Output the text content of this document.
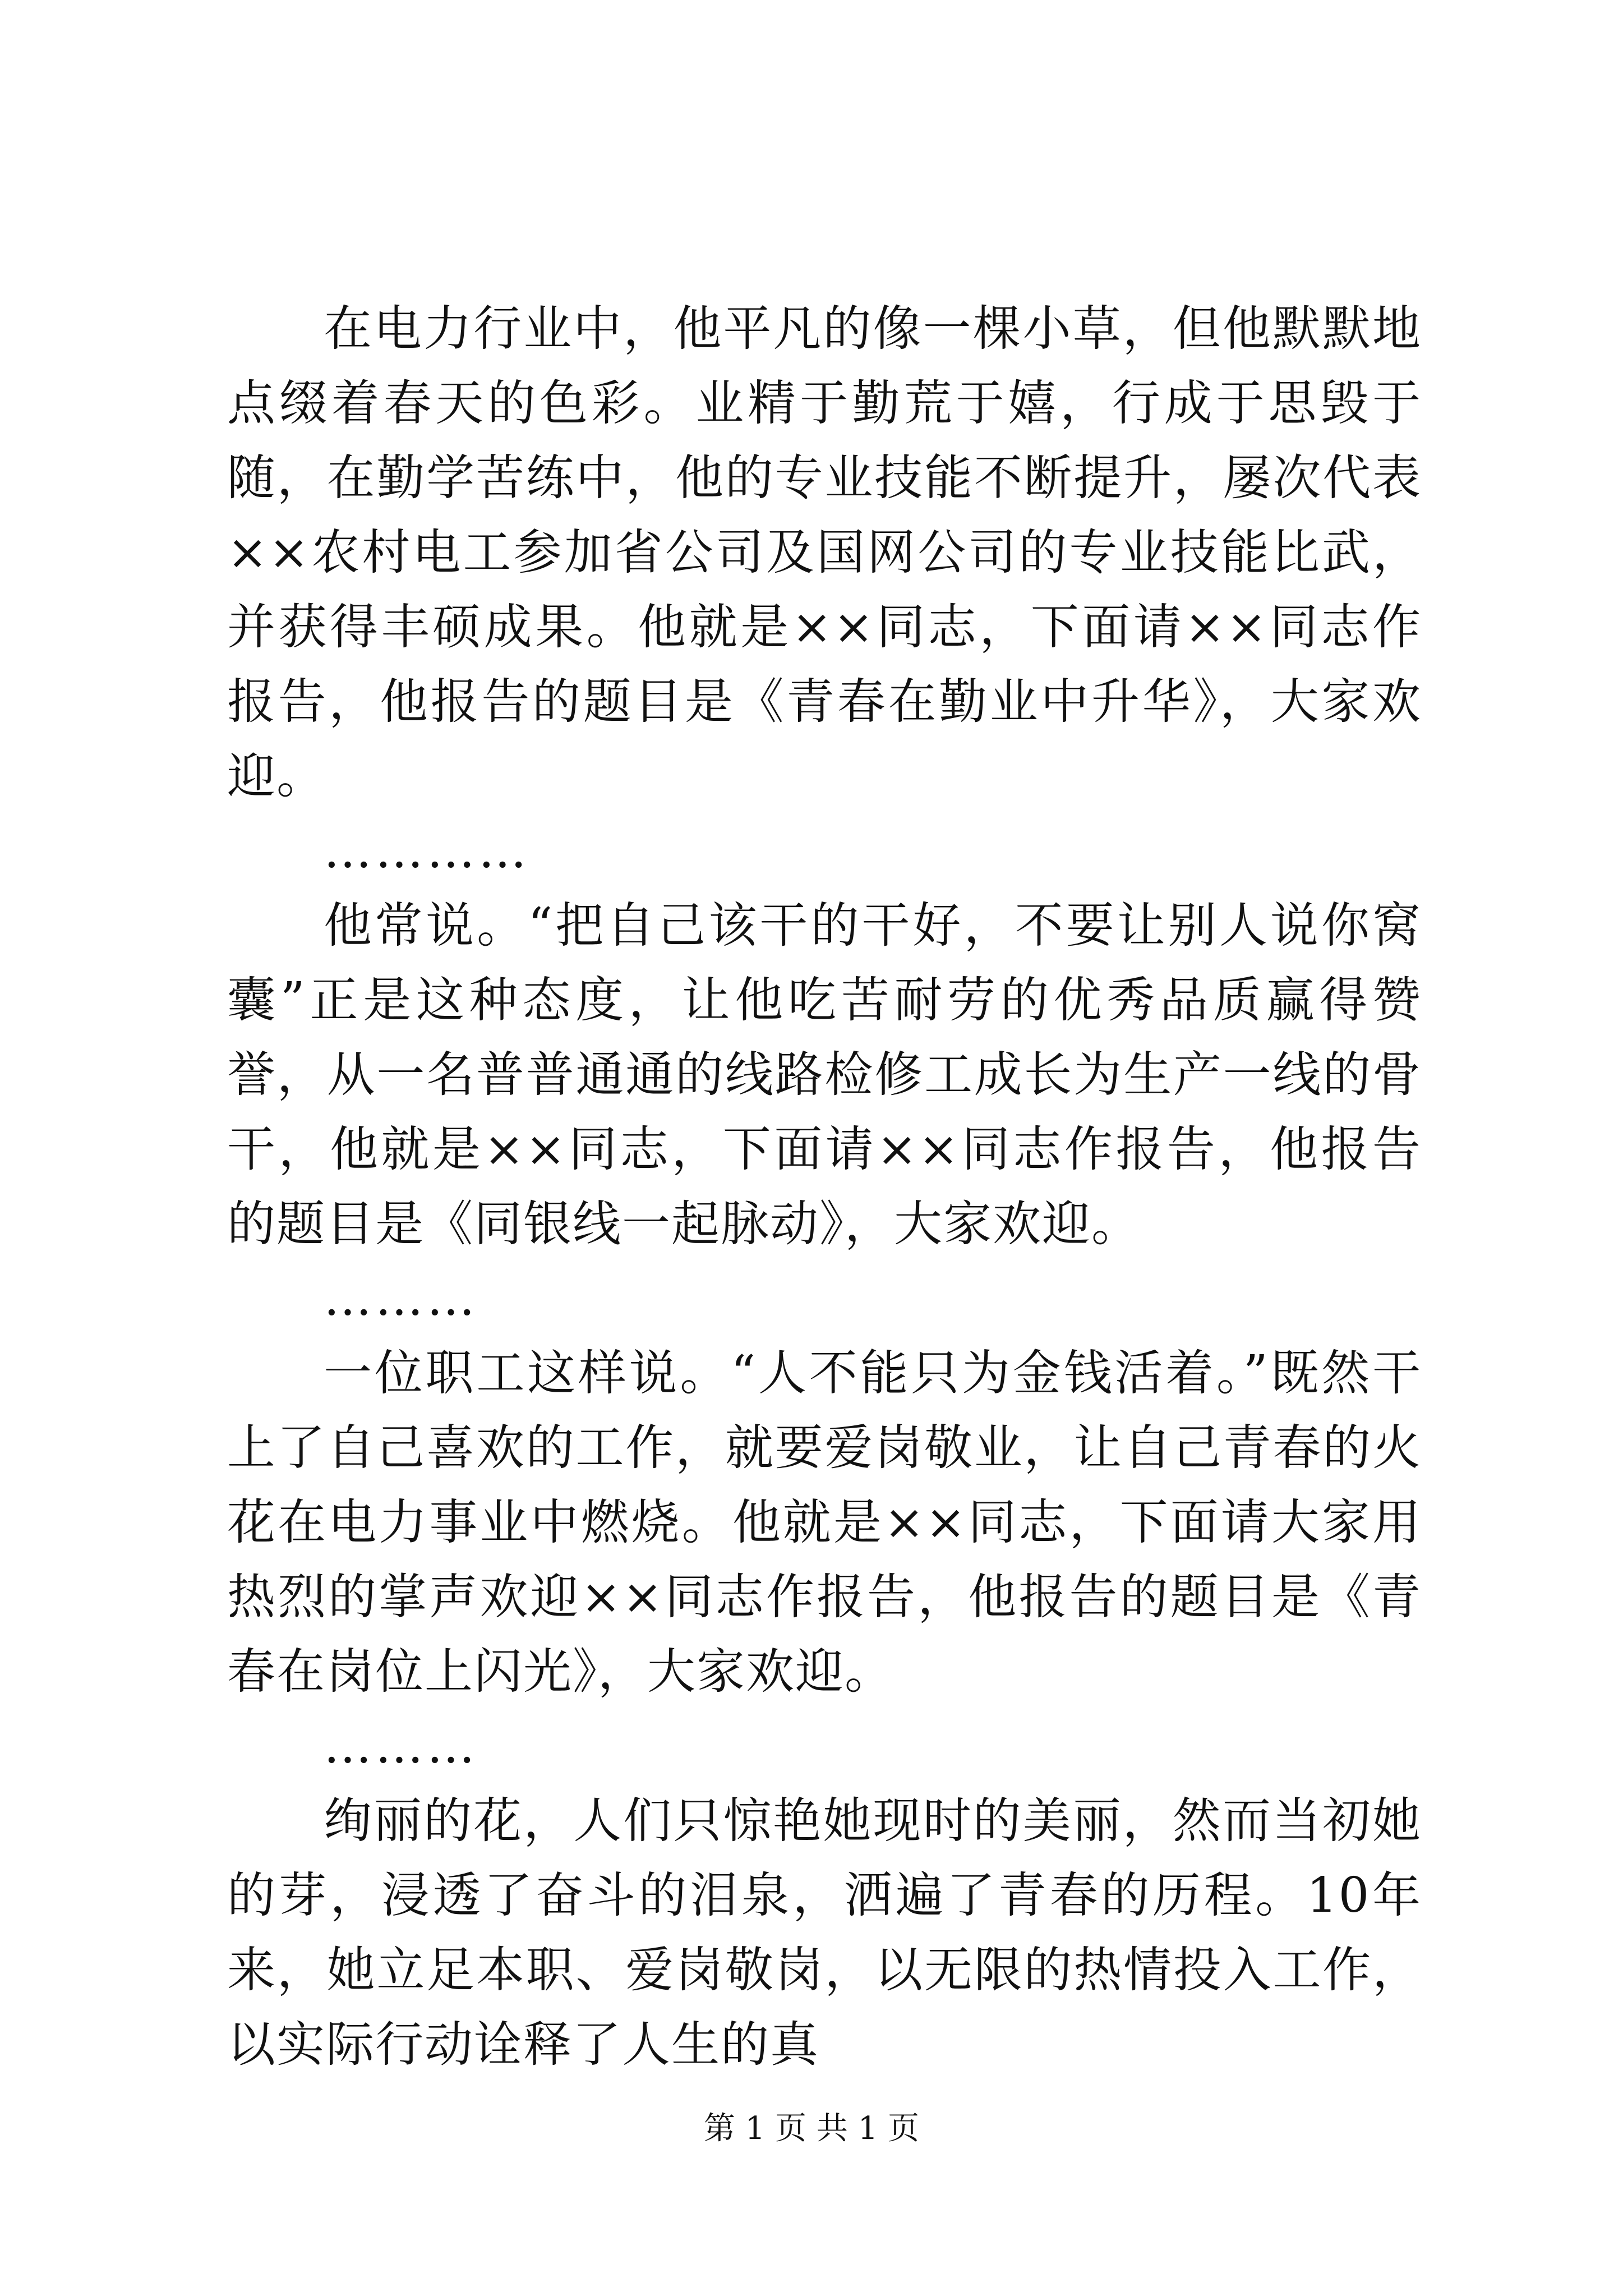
在电力行业中，他平凡的像一棵小草，但他默默地点缀着春天的色彩。业精于勤荒于嬉，行成于思毁于随，在勤学苦练中，他的专业技能不断提升，屡次代表××农村电工参加省公司及国网公司的专业技能比武，并获得丰硕成果。他就是××同志，下面请××同志作报告，他报告的题目是《青春在勤业中升华》，大家欢迎。

…………

他常说。“把自己该干的干好，不要让别人说你窝囊”正是这种态度，让他吃苦耐劳的优秀品质赢得赞誉，从一名普普通通的线路检修工成长为生产一线的骨干，他就是××同志，下面请××同志作报告，他报告的题目是《同银线一起脉动》，大家欢迎。

………

一位职工这样说。“人不能只为金钱活着。”既然干上了自己喜欢的工作，就要爱岗敬业，让自己青春的火花在电力事业中燃烧。他就是××同志，下面请大家用热烈的掌声欢迎××同志作报告，他报告的题目是《青春在岗位上闪光》，大家欢迎。

………

绚丽的花，人们只惊艳她现时的美丽，然而当初她的芽，浸透了奋斗的泪泉，洒遍了青春的历程。10年来，她立足本职、爱岗敬岗，以无限的热情投入工作，以实际行动诠释了人生的真

第 1 页 共 1 页
